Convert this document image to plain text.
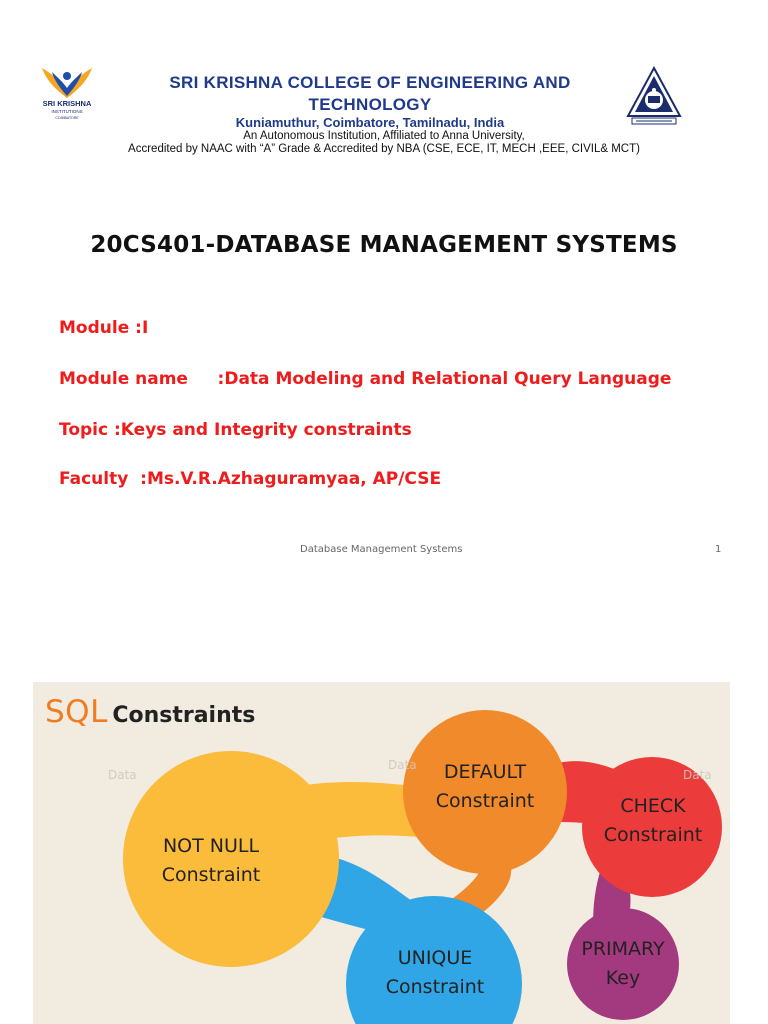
SRI KRISHNA
INSTITUTIONS
COIMBATORE
SRI KRISHNA COLLEGE OF ENGINEERING AND
TECHNOLOGY
Kuniamuthur, Coimbatore, Tamilnadu, India
An Autonomous Institution, Affiliated to Anna University,
Accredited by NAAC with “A” Grade & Accredited by NBA (CSE, ECE, IT, MECH ,EEE, CIVIL& MCT)
20CS401-DATABASE MANAGEMENT SYSTEMS
Module :I
Module name     :Data Modeling and Relational Query Language
Topic :Keys and Integrity constraints
Faculty  :Ms.V.R.Azhaguramyaa, AP/CSE
Database Management Systems	1
SQL Constraints
Data
Data
Data
NOT NULL
Constraint
UNIQUE
Constraint
DEFAULT
Constraint	CHECK
Constraint
PRIMARY
Key
